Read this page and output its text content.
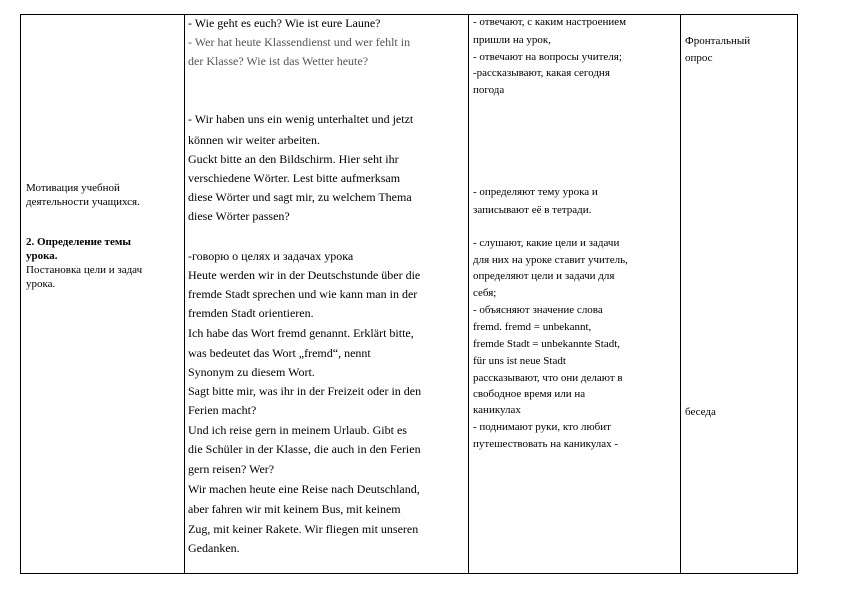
Мотивация учебной
деятельности учащихся.
2. Определение темы
урока.
Постановка цели и задач
урока.
- Wie geht es euch? Wie ist eure Laune?
- Wer hat heute Klassendienst und wer fehlt in
der Klasse? Wie ist das Wetter heute?
- Wir haben uns ein wenig unterhaltet und jetzt
können wir weiter arbeiten.
Guckt bitte an den Bildschirm. Hier seht ihr
verschiedene Wörter. Lest bitte aufmerksam
diese Wörter und sagt mir, zu welchem Thema
diese Wörter passen?
-говорю о целях и задачах урока
Heute werden wir in der Deutschstunde über die
fremde Stadt sprechen und wie kann man in der
fremden Stadt orientieren.
Ich habe das Wort fremd genannt. Erklärt bitte,
was bedeutet das Wort „fremd“, nennt
Synonym zu diesem Wort.
Sagt bitte mir, was ihr in der Freizeit oder in den
Ferien macht?
Und ich reise gern in meinem Urlaub. Gibt es
die Schüler in der Klasse, die auch in den Ferien
gern reisen? Wer?
Wir machen heute eine Reise nach Deutschland,
aber fahren wir mit keinem Bus, mit keinem
Zug, mit keiner Rakete. Wir fliegen mit unseren
Gedanken.
- отвечают, с каким настроением
пришли на урок,
- отвечают на вопросы учителя;
-рассказывают, какая сегодня
погода
- определяют тему урока и
записывают её в тетради.
- слушают, какие цели и задачи
для них на уроке ставит учитель,
определяют цели и задачи для
себя;
- объясняют значение слова
fremd. fremd = unbekannt,
fremde Stadt = unbekannte Stadt,
für uns ist neue Stadt
рассказывают, что они делают в
свободное время или на
каникулах
- поднимают руки, кто любит
путешествовать на каникулах -
Фронтальный
опрос
беседа
